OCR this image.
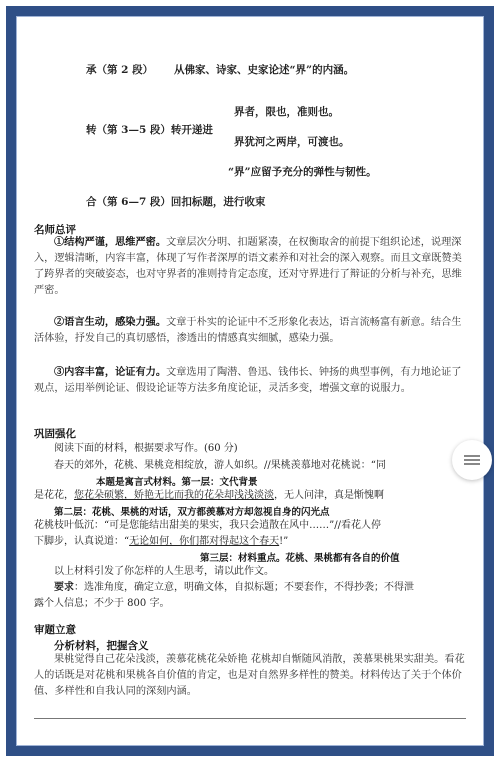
承（第 2 段） 从佛家、诗家、史家论述“界”的内涵。
界者，限也，准则也。
转（第 3—5 段）转开递进
界犹河之两岸，可渡也。
“界”应留予充分的弹性与韧性。
合（第 6—7 段）回扣标题，进行收束
名师总评
①结构严谨，思维严密。文章层次分明、扣题紧凑，在权衡取舍的前提下组织论述，说理深入，逻辑清晰，内容丰富，体现了写作者深厚的语文素养和对社会的深入观察。而且文章既赞美了跨界者的突破姿态，也对守界者的准则持肯定态度，还对守界进行了辩证的分析与补充，思维严密。
②语言生动，感染力强。文章于朴实的论证中不乏形象化表达，语言流畅富有新意。结合生活体验，抒发自己的真切感悟，渗透出的情感真实细腻，感染力强。
③内容丰富，论证有力。文章选用了陶潜、鲁迅、钱伟长、钟扬的典型事例，有力地论证了观点，运用举例论证、假设论证等方法多角度论证，灵活多变，增强文章的说服力。
巩固强化
阅读下面的材料，根据要求写作。(60 分)
春天的郊外，花桃、果桃竞相绽放，游人如织。//果桃羡慕地对花桃说：“同
本题是寓言式材料。第一层：文代背景
是花花，您花朵硕繁，娇艳无比而我的花朵却浅浅淡淡，无人问津，真是惭愧啊
第二层：花桃、果桃的对话，双方都羡慕对方却忽视自身的闪光点
花桃枝叶低沉：“可是您能结出甜美的果实，我只会逍散在风中……”//看花人停
下脚步，认真说道：“无论如何，你们都对得起这个春天!”
第三层：材料重点。花桃、果桃都有各自的价值
以上材料引发了你怎样的人生思考，请以此作文。
要求：选准角度，确定立意，明确文体，自拟标题；不要套作，不得抄袭；不得泄
露个人信息；不少于 800 字。
审题立意
分析材料，把握含义
果桃觉得自己花朵浅淡，羡慕花桃花朵娇艳 花桃却自惭随风消散，羡慕果桃果实甜美。看花人的话既是对花桃和果桃各自价值的肯定，也是对自然界多样性的赞美。材料传达了关于个体价值、多样性和自我认同的深刻内涵。
